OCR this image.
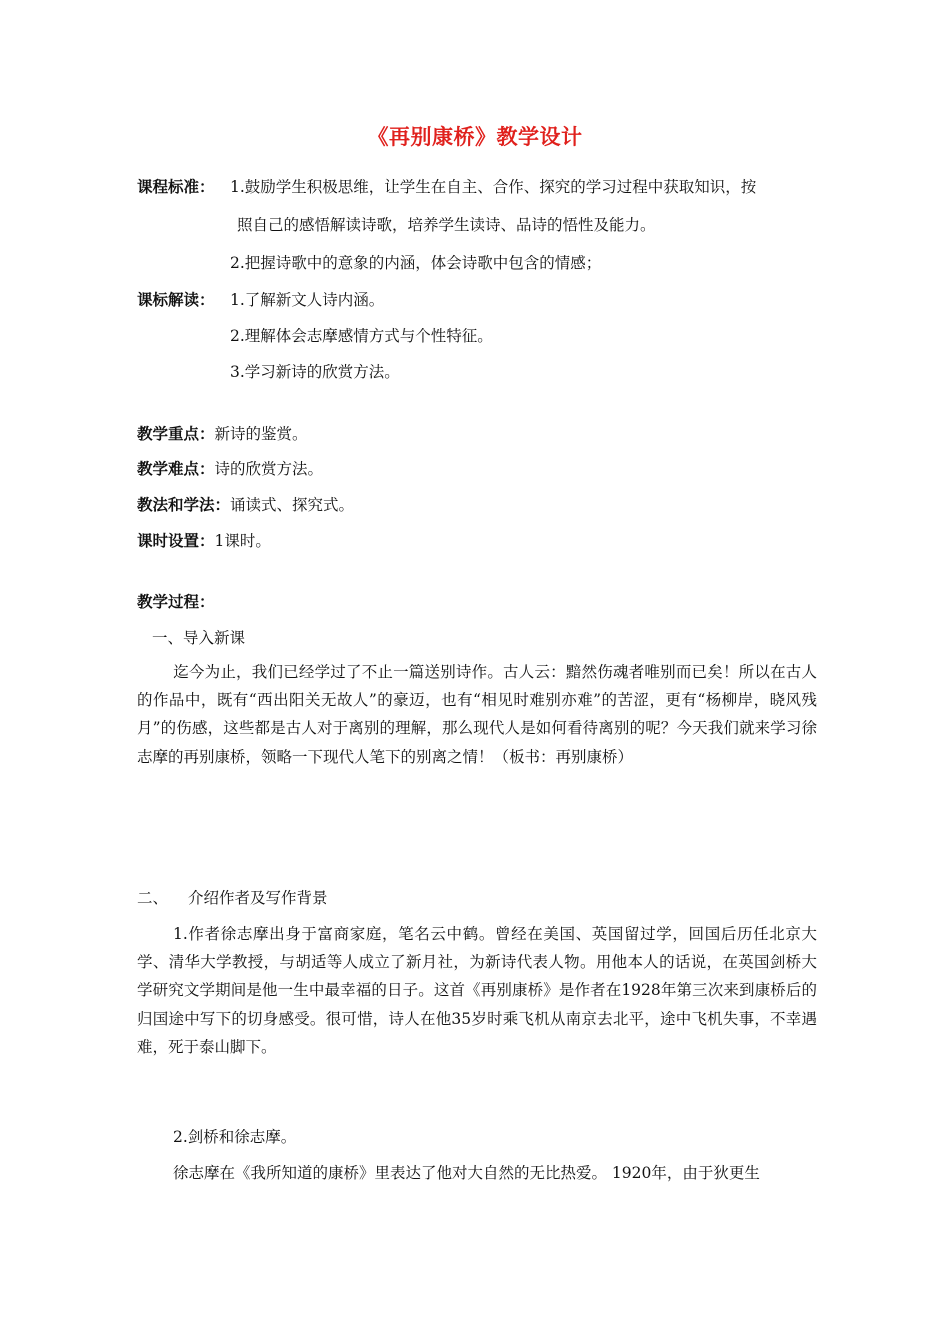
《再别康桥》教学设计
课程标准： 1.鼓励学生积极思维，让学生在自主、合作、探究的学习过程中获取知识，按
照自己的感悟解读诗歌，培养学生读诗、品诗的悟性及能力。
2.把握诗歌中的意象的内涵，体会诗歌中包含的情感；
课标解读： 1.了解新文人诗内涵。
2.理解体会志摩感情方式与个性特征。
3.学习新诗的欣赏方法。
教学重点：新诗的鉴赏。
教学难点：诗的欣赏方法。
教法和学法：诵读式、探究式。
课时设置：1课时。
教学过程：
一、导入新课
迄今为止，我们已经学过了不止一篇送别诗作。古人云：黯然伤魂者唯别而已矣！所以在古人的作品中，既有“西出阳关无故人”的豪迈，也有“相见时难别亦难”的苦涩，更有“杨柳岸，晓风残月”的伤感，这些都是古人对于离别的理解，那么现代人是如何看待离别的呢？今天我们就来学习徐志摩的再别康桥，领略一下现代人笔下的别离之情！（板书：再别康桥）
二、 介绍作者及写作背景
1.作者徐志摩出身于富商家庭，笔名云中鹤。曾经在美国、英国留过学，回国后历任北京大学、清华大学教授，与胡适等人成立了新月社，为新诗代表人物。用他本人的话说，在英国剑桥大学研究文学期间是他一生中最幸福的日子。这首《再别康桥》是作者在1928年第三次来到康桥后的归国途中写下的切身感受。很可惜，诗人在他35岁时乘飞机从南京去北平，途中飞机失事，不幸遇难，死于泰山脚下。
2.剑桥和徐志摩。
徐志摩在《我所知道的康桥》里表达了他对大自然的无比热爱。 1920年，由于狄更生
